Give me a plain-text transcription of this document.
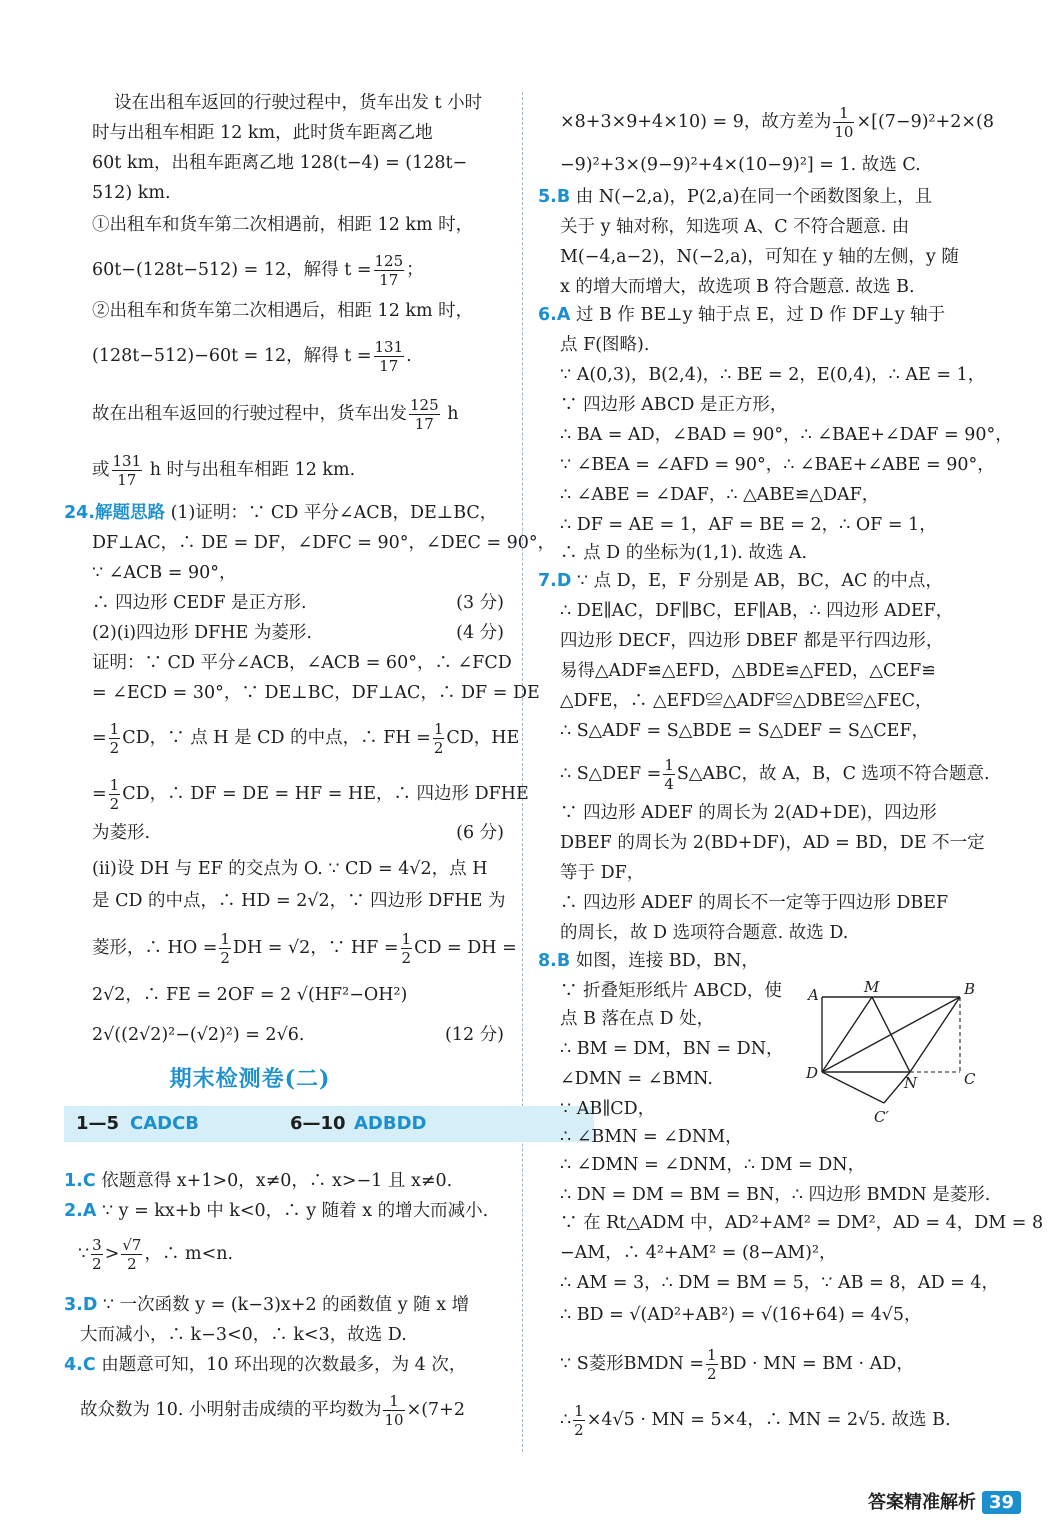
设在出租车返回的行驶过程中，货车出发 t 小时
时与出租车相距 12 km，此时货车距离乙地
60t km，出租车距离乙地 128(t−4) = (128t−
512) km.
①出租车和货车第二次相遇前，相距 12 km 时，
60t−(128t−512) = 12，解得 $t = \frac{125}{17}$ ；
②出租车和货车第二次相遇后，相距 12 km 时，
(128t−512)−60t = 12，解得 $t = \frac{131}{17}$ .
故在出租车返回的行驶过程中，货车出发 $\frac{125}{17}$ h
或 $\frac{131}{17}$ h 时与出租车相距 12 km.
24.解题思路 (1)证明：∵ CD 平分∠ACB，DE⊥BC，
DF⊥AC，∴ DE = DF，∠DFC = 90°，∠DEC = 90°，
∵ ∠ACB = 90°，
∴ 四边形 CEDF 是正方形.	(3 分)
(2)(i)四边形 DFHE 为菱形.	(4 分)
证明：∵ CD 平分∠ACB，∠ACB = 60°，∴ ∠FCD
= ∠ECD = 30°，∵ DE⊥BC，DF⊥AC，∴ DF = DE
= $\frac{1}{2}$ CD，∵ 点 H 是 CD 的中点，∴ FH = $\frac{1}{2}$ CD，HE
= $\frac{1}{2}$ CD，∴ DF = DE = HF = HE，∴ 四边形 DFHE
为菱形.	(6 分)
(ii)设 DH 与 EF 的交点为 O. ∵ CD = 4√2，点 H
是 CD 的中点，∴ HD = 2√2，∵ 四边形 DFHE 为
菱形，∴ HO = $\frac{1}{2}$ DH = √2，∵ HF = $\frac{1}{2}$ CD = DH =
2√2，∴ FE = 2OF = 2 √(HF²−OH²)
2√((2√2)²−(√2)²) = 2√6.	(12 分)
1—5 CADCB	6—10 ADBDD
1.C 依题意得 x+1>0，x≠0，∴ x>−1 且 x≠0.
2.A ∵ y = kx+b 中 k<0，∴ y 随着 x 的增大而减小.
∵ $\frac{3}{2} > \frac{√7}{2}$ ，∴ m<n.
3.D ∵ 一次函数 y = (k−3)x+2 的函数值 y 随 x 增
大而减小，∴ k−3<0，∴ k<3，故选 D.
4.C 由题意可知，10 环出现的次数最多，为 4 次，
故众数为 10. 小明射击成绩的平均数为 $\frac{1}{10} \times(7+2$
期末检测卷(二)
×8+3×9+4×10) = 9，故方差为 $\frac{1}{10} \times[(7-9)^2+2\times(8$
−9)²+3×(9−9)²+4×(10−9)²] = 1. 故选 C.
5.B 由 N(−2,a)，P(2,a)在同一个函数图象上，且
关于 y 轴对称，知选项 A、C 不符合题意. 由
M(−4,a−2)，N(−2,a)，可知在 y 轴的左侧，y 随
x 的增大而增大，故选项 B 符合题意. 故选 B.
6.A 过 B 作 BE⊥y 轴于点 E，过 D 作 DF⊥y 轴于
点 F(图略).
∵ A(0,3)，B(2,4)，∴ BE = 2，E(0,4)，∴ AE = 1，
∵ 四边形 ABCD 是正方形，
∴ BA = AD，∠BAD = 90°，∴ ∠BAE+∠DAF = 90°，
∵ ∠BEA = ∠AFD = 90°，∴ ∠BAE+∠ABE = 90°，
∴ ∠ABE = ∠DAF，∴ △ABE≌△DAF，
∴ DF = AE = 1，AF = BE = 2，∴ OF = 1，
∴ 点 D 的坐标为(1,1). 故选 A.
7.D ∵ 点 D，E，F 分别是 AB，BC，AC 的中点，
∴ DE∥AC，DF∥BC，EF∥AB，∴ 四边形 ADEF，
四边形 DECF，四边形 DBEF 都是平行四边形，
易得△ADF≌△EFD，△BDE≌△FED，△CEF≌
△DFE，∴ △EFD≌△ADF≌△DBE≌△FEC，
∴ S△ADF = S△BDE = S△DEF = S△CEF，
∴ S△DEF = $\frac{1}{4}$ S△ABC，故 A，B，C 选项不符合题意.
∵ 四边形 ADEF 的周长为 2(AD+DE)，四边形
DBEF 的周长为 2(BD+DF)，AD = BD，DE 不一定
等于 DF，
∴ 四边形 ADEF 的周长不一定等于四边形 DBEF
的周长，故 D 选项符合题意. 故选 D.
8.B 如图，连接 BD，BN，
∵ 折叠矩形纸片 ABCD，使
点 B 落在点 D 处，
∴ BM = DM，BN = DN，
∠DMN = ∠BMN.
∵ AB∥CD，
∴ ∠BMN = ∠DNM，
∴ ∠DMN = ∠DNM，∴ DM = DN，
∴ DN = DM = BM = BN，∴ 四边形 BMDN 是菱形.
∵ 在 Rt△ADM 中，AD²+AM² = DM²，AD = 4，DM = 8
−AM，∴ 4²+AM² = (8−AM)²，
∴ AM = 3，∴ DM = BM = 5，∵ AB = 8，AD = 4，
∴ BD = √(AD²+AB²) = √(16+64) = 4√5，
∵ S菱形BMDN = $\frac{1}{2}$ BD · MN = BM · AD，
∴ $\frac{1}{2} \times 4√5$ · MN = 5×4，∴ MN = 2√5. 故选 B.
A	M	B
D
N	C
C′
答案精准解析 39
